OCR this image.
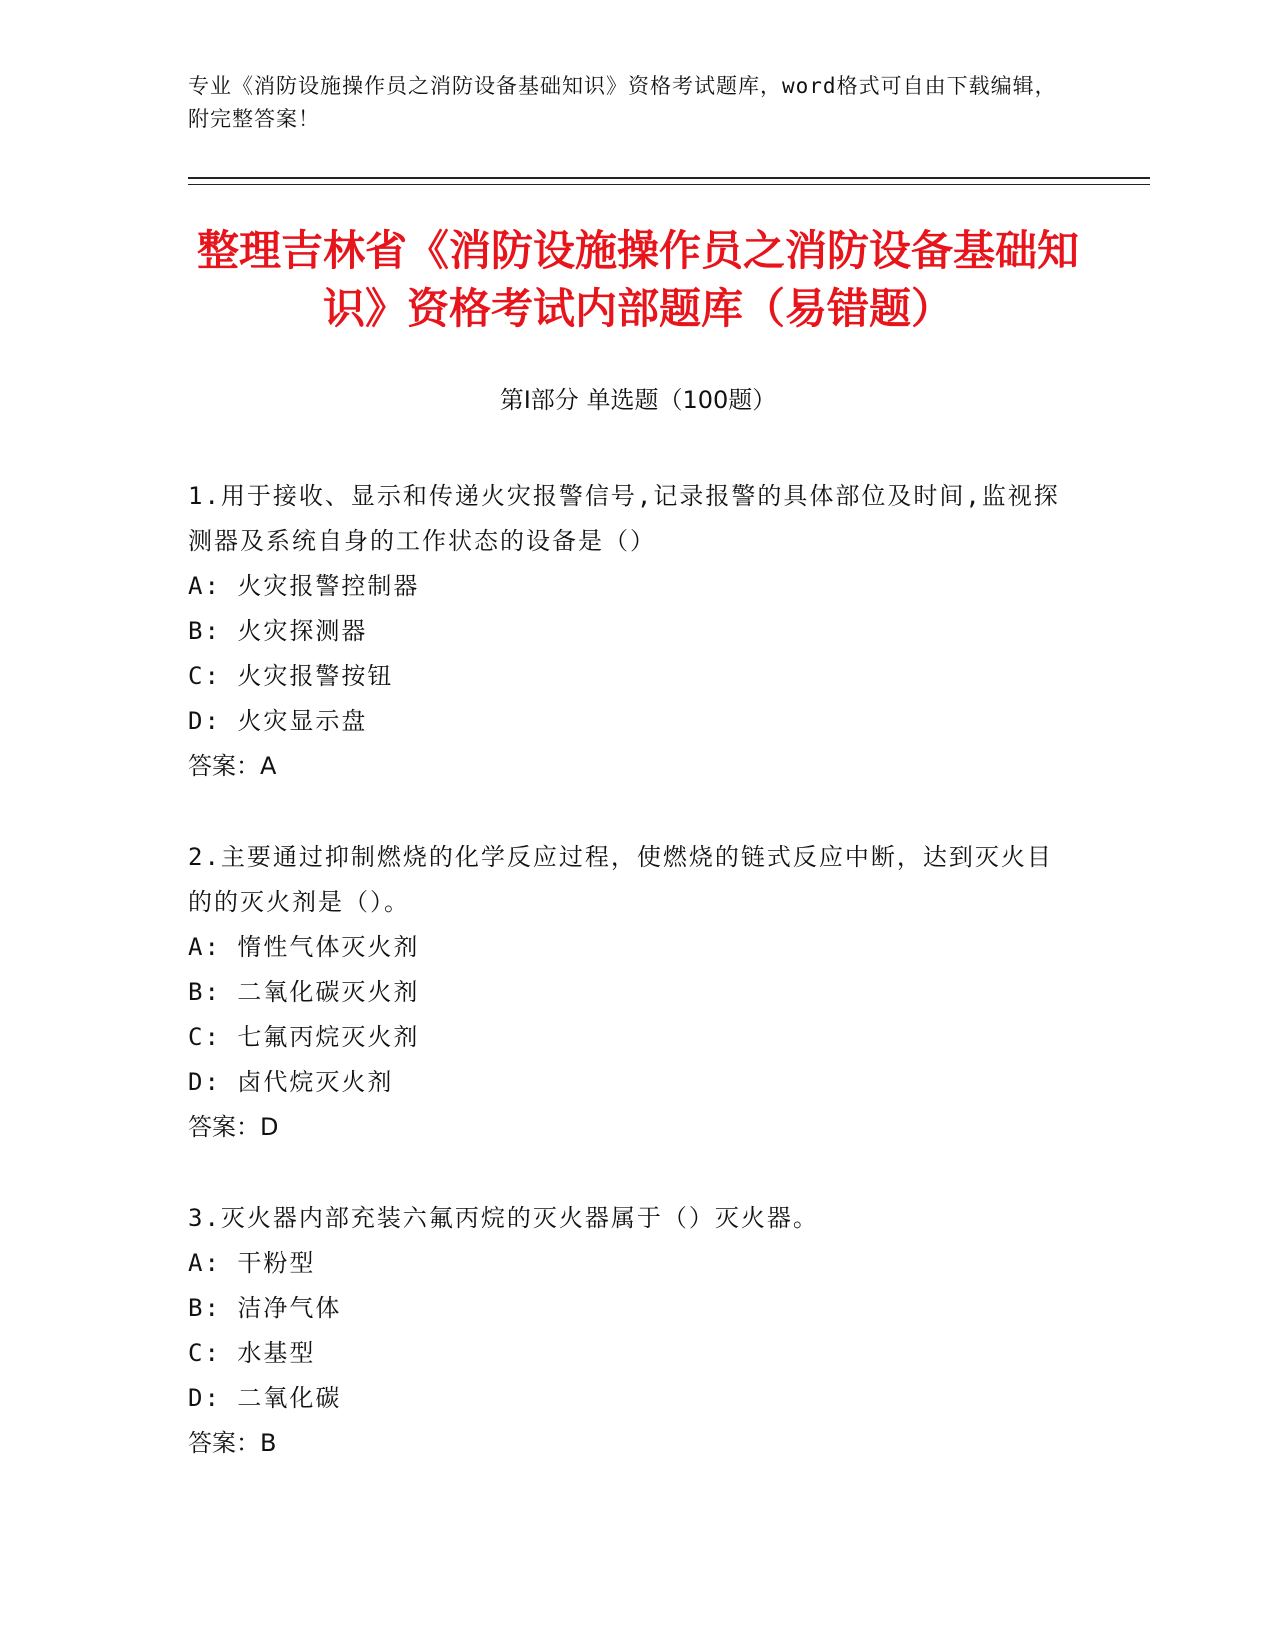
专业《消防设施操作员之消防设备基础知识》资格考试题库，word格式可自由下载编辑，附完整答案！
整理吉林省《消防设施操作员之消防设备基础知识》资格考试内部题库（易错题）
第Ⅰ部分 单选题（100题）

1.用于接收、显示和传递火灾报警信号,记录报警的具体部位及时间,监视探测器及系统自身的工作状态的设备是（）

A: 火灾报警控制器

B: 火灾探测器

C: 火灾报警按钮

D: 火灾显示盘

答案：A

2.主要通过抑制燃烧的化学反应过程，使燃烧的链式反应中断，达到灭火目的的灭火剂是（）。

A: 惰性气体灭火剂

B: 二氧化碳灭火剂

C: 七氟丙烷灭火剂

D: 卤代烷灭火剂

答案：D

3.灭火器内部充装六氟丙烷的灭火器属于（）灭火器。

A: 干粉型

B: 洁净气体

C: 水基型

D: 二氧化碳

答案：B
